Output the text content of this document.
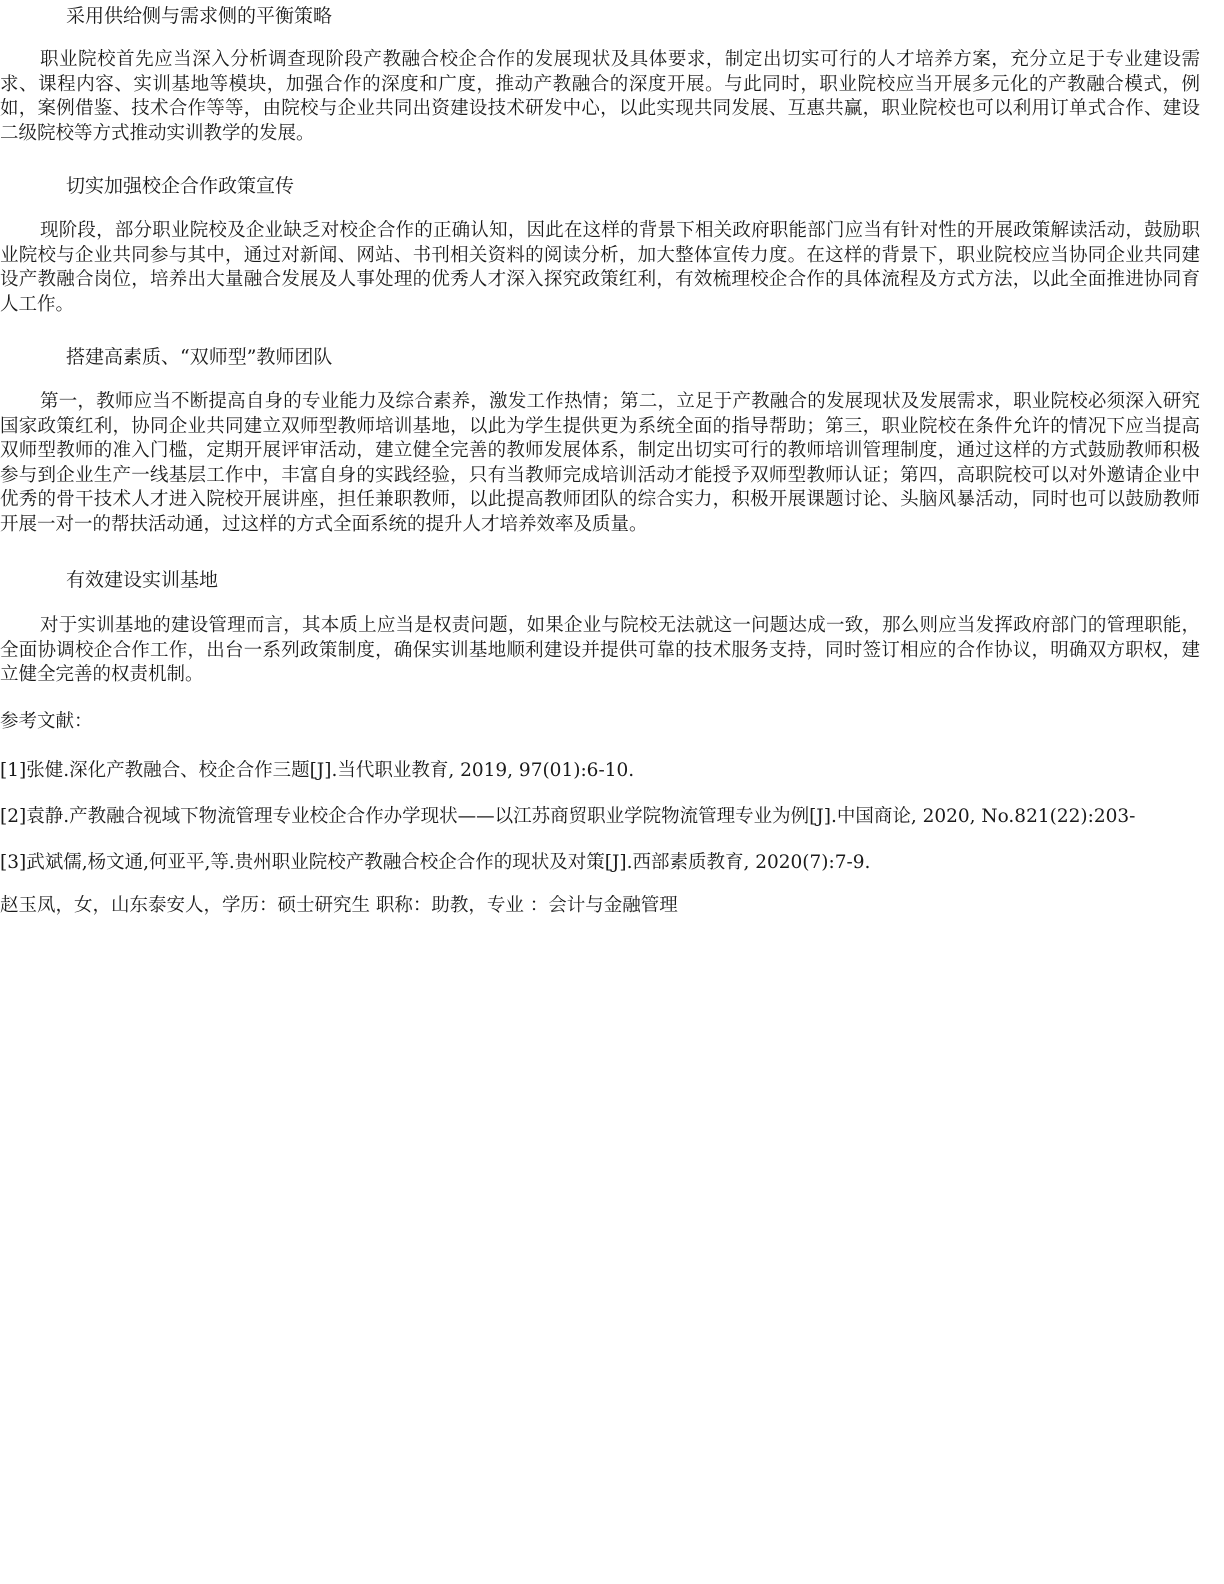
采用供给侧与需求侧的平衡策略

职业院校首先应当深入分析调查现阶段产教融合校企合作的发展现状及具体要求，制定出切实可行的人才培养方案，充分立足于专业建设需求、课程内容、实训基地等模块，加强合作的深度和广度，推动产教融合的深度开展。与此同时，职业院校应当开展多元化的产教融合模式，例如，案例借鉴、技术合作等等，由院校与企业共同出资建设技术研发中心，以此实现共同发展、互惠共赢，职业院校也可以利用订单式合作、建设二级院校等方式推动实训教学的发展。

切实加强校企合作政策宣传

现阶段，部分职业院校及企业缺乏对校企合作的正确认知，因此在这样的背景下相关政府职能部门应当有针对性的开展政策解读活动，鼓励职业院校与企业共同参与其中，通过对新闻、网站、书刊相关资料的阅读分析，加大整体宣传力度。在这样的背景下，职业院校应当协同企业共同建设产教融合岗位，培养出大量融合发展及人事处理的优秀人才深入探究政策红利，有效梳理校企合作的具体流程及方式方法，以此全面推进协同育人工作。

搭建高素质、“双师型”教师团队

第一，教师应当不断提高自身的专业能力及综合素养，激发工作热情；第二，立足于产教融合的发展现状及发展需求，职业院校必须深入研究国家政策红利，协同企业共同建立双师型教师培训基地，以此为学生提供更为系统全面的指导帮助；第三，职业院校在条件允许的情况下应当提高双师型教师的准入门槛，定期开展评审活动，建立健全完善的教师发展体系，制定出切实可行的教师培训管理制度，通过这样的方式鼓励教师积极参与到企业生产一线基层工作中，丰富自身的实践经验，只有当教师完成培训活动才能授予双师型教师认证；第四，高职院校可以对外邀请企业中优秀的骨干技术人才进入院校开展讲座，担任兼职教师，以此提高教师团队的综合实力，积极开展课题讨论、头脑风暴活动，同时也可以鼓励教师开展一对一的帮扶活动通，过这样的方式全面系统的提升人才培养效率及质量。

有效建设实训基地

对于实训基地的建设管理而言，其本质上应当是权责问题，如果企业与院校无法就这一问题达成一致，那么则应当发挥政府部门的管理职能，全面协调校企合作工作，出台一系列政策制度，确保实训基地顺利建设并提供可靠的技术服务支持，同时签订相应的合作协议，明确双方职权，建立健全完善的权责机制。

参考文献：
[1]张健.深化产教融合、校企合作三题[J].当代职业教育, 2019, 97(01):6-10.
[2]袁静.产教融合视域下物流管理专业校企合作办学现状——以江苏商贸职业学院物流管理专业为例[J].中国商论, 2020, No.821(22):203-
[3]武斌儒,杨文通,何亚平,等.贵州职业院校产教融合校企合作的现状及对策[J].西部素质教育, 2020(7):7-9.
赵玉凤，女，山东泰安人，学历：硕士研究生 职称：助教，专业 ：会计与金融管理
